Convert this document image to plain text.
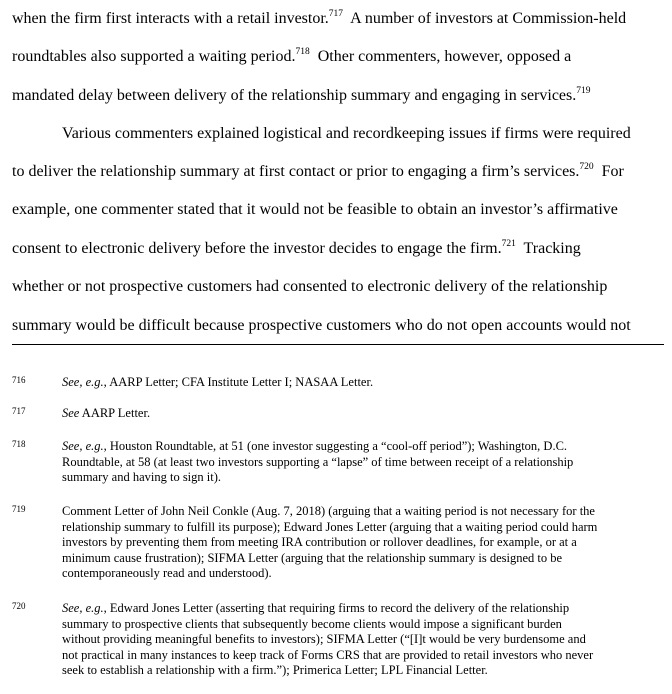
when the firm first interacts with a retail investor.$^{717}$  A number of investors at Commission-held
roundtables also supported a waiting period.$^{718}$  Other commenters, however, opposed a
mandated delay between delivery of the relationship summary and engaging in services.$^{719}$
Various commenters explained logistical and recordkeeping issues if firms were required
to deliver the relationship summary at first contact or prior to engaging a firm’s services.$^{720}$  For
example, one commenter stated that it would not be feasible to obtain an investor’s affirmative
consent to electronic delivery before the investor decides to engage the firm.$^{721}$  Tracking
whether or not prospective customers had consented to electronic delivery of the relationship
summary would be difficult because prospective customers who do not open accounts would not
716	See, e.g., AARP Letter; CFA Institute Letter I; NASAA Letter.
717	See AARP Letter.
718	See, e.g., Houston Roundtable, at 51 (one investor suggesting a “cool-off period”); Washington, D.C.
Roundtable, at 58 (at least two investors supporting a “lapse” of time between receipt of a relationship
summary and having to sign it).
719	Comment Letter of John Neil Conkle (Aug. 7, 2018) (arguing that a waiting period is not necessary for the
relationship summary to fulfill its purpose); Edward Jones Letter (arguing that a waiting period could harm
investors by preventing them from meeting IRA contribution or rollover deadlines, for example, or at a
minimum cause frustration); SIFMA Letter (arguing that the relationship summary is designed to be
contemporaneously read and understood).
720	See, e.g., Edward Jones Letter (asserting that requiring firms to record the delivery of the relationship
summary to prospective clients that subsequently become clients would impose a significant burden
without providing meaningful benefits to investors); SIFMA Letter (“[I]t would be very burdensome and
not practical in many instances to keep track of Forms CRS that are provided to retail investors who never
seek to establish a relationship with a firm.”); Primerica Letter; LPL Financial Letter.
